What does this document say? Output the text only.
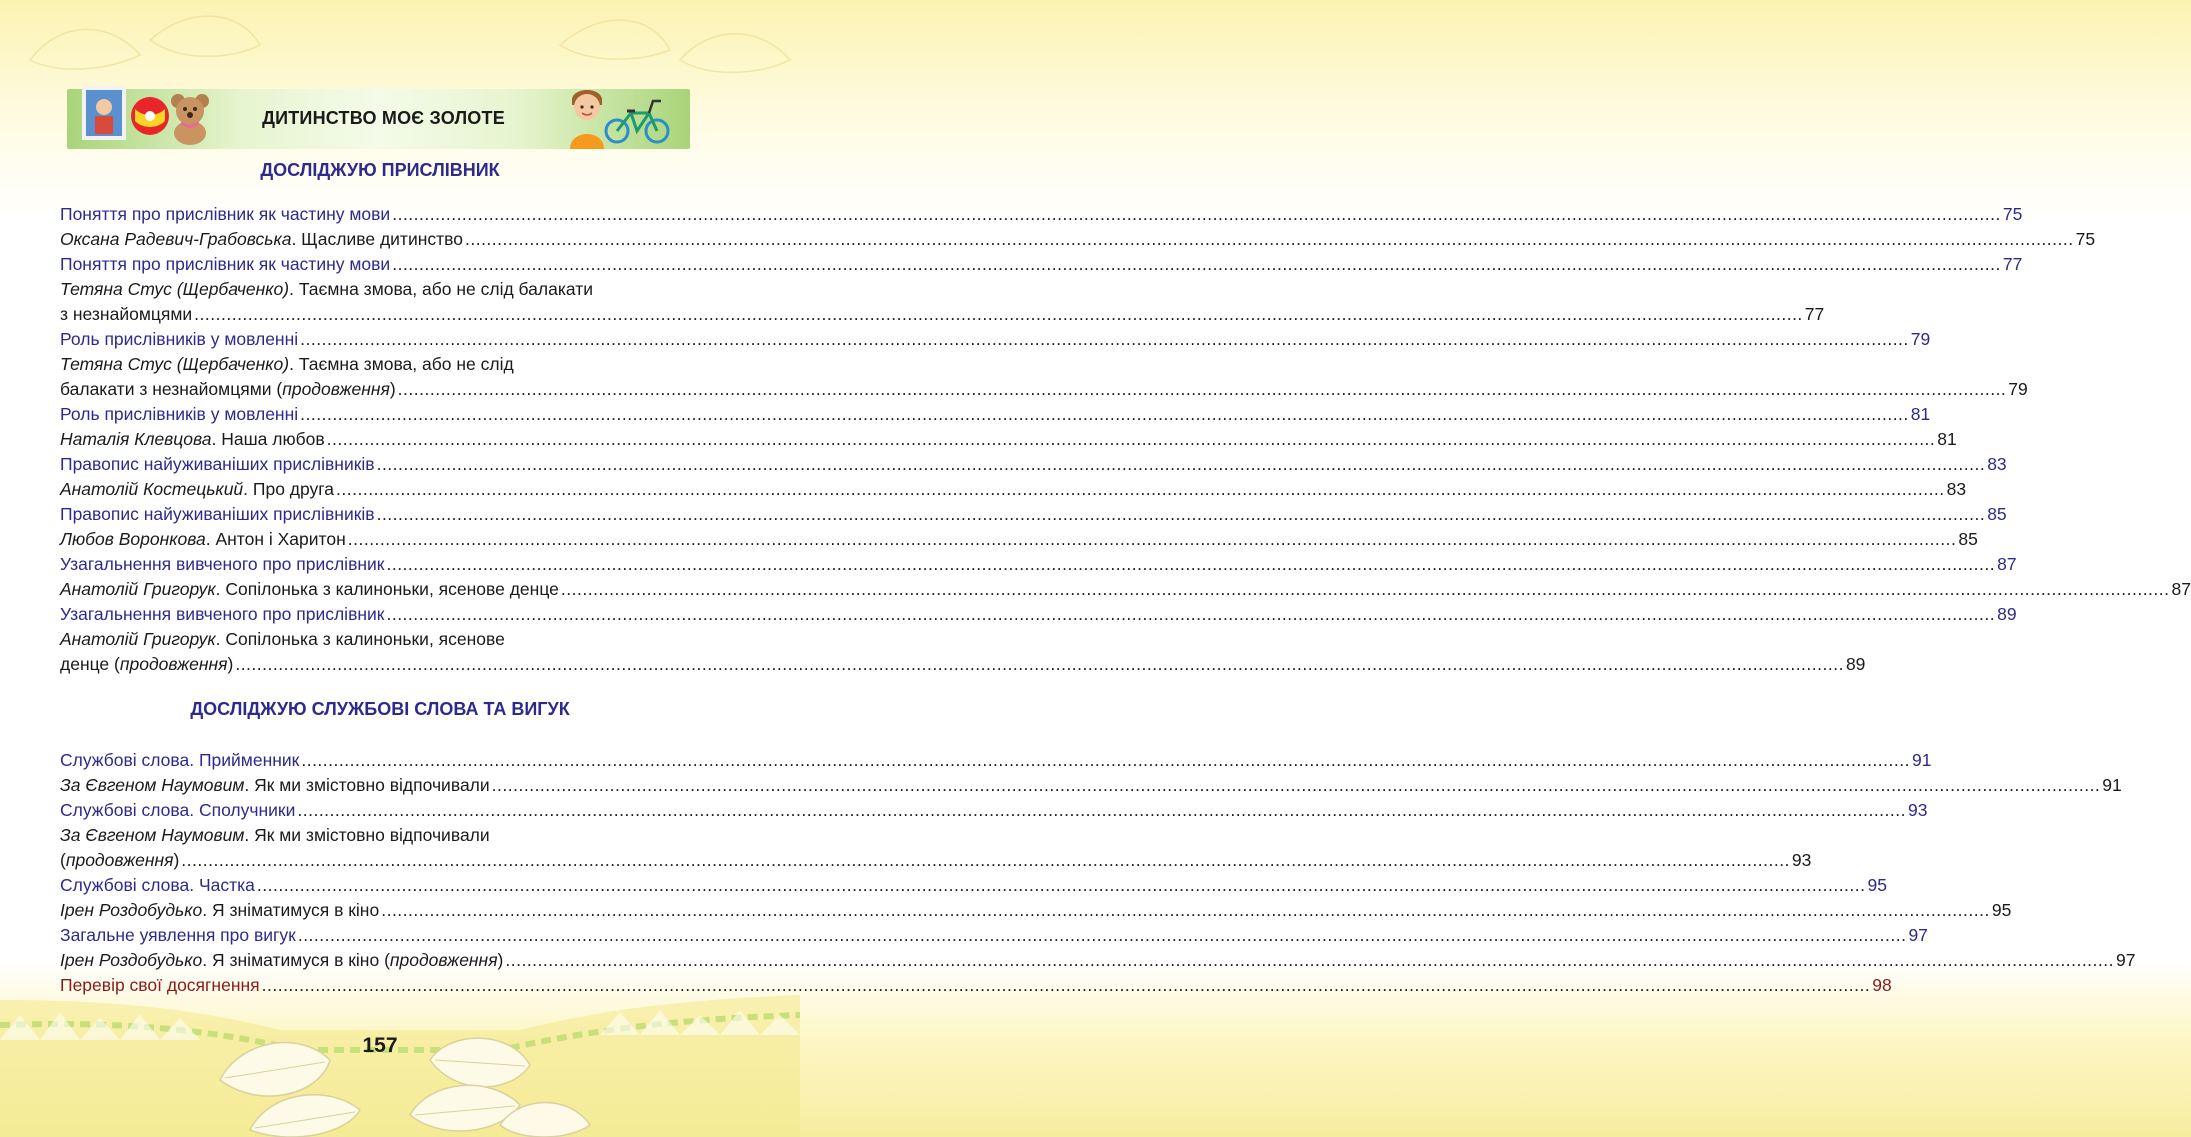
ДИТИНСТВО МОЄ ЗОЛОТЕ
ДОСЛІДЖУЮ ПРИСЛІВНИК
Поняття про прислівник як частину мови ............................................................................................................................................................................................................................................................................................................ 75
Оксана Радевич-Грабовська. Щасливе дитинство ............................................................................................................................................................................................................................................................................................................ 75
Поняття про прислівник як частину мови ............................................................................................................................................................................................................................................................................................................ 77
Тетяна Стус (Щербаченко). Таємна змова, або не слід балакати
з незнайомцями ............................................................................................................................................................................................................................................................................................................ 77
Роль прислівників у мовленні ............................................................................................................................................................................................................................................................................................................ 79
Тетяна Стус (Щербаченко). Таємна змова, або не слід
балакати з незнайомцями (продовження) ............................................................................................................................................................................................................................................................................................................ 79
Роль прислівників у мовленні ............................................................................................................................................................................................................................................................................................................ 81
Наталія Клевцова. Наша любов ............................................................................................................................................................................................................................................................................................................ 81
Правопис найуживаніших прислівників ............................................................................................................................................................................................................................................................................................................ 83
Анатолій Костецький. Про друга ............................................................................................................................................................................................................................................................................................................ 83
Правопис найуживаніших прислівників ............................................................................................................................................................................................................................................................................................................ 85
Любов Воронкова. Антон і Харитон ............................................................................................................................................................................................................................................................................................................ 85
Узагальнення вивченого про прислівник ............................................................................................................................................................................................................................................................................................................ 87
Анатолій Григорук. Сопілонька з калиноньки, ясенове денце ............................................................................................................................................................................................................................................................................................................ 87
Узагальнення вивченого про прислівник ............................................................................................................................................................................................................................................................................................................ 89
Анатолій Григорук. Сопілонька з калиноньки, ясенове
денце (продовження) ............................................................................................................................................................................................................................................................................................................ 89
ДОСЛІДЖУЮ СЛУЖБОВІ СЛОВА ТА ВИГУК
Службові слова. Прийменник ............................................................................................................................................................................................................................................................................................................ 91
За Євгеном Наумовим. Як ми змістовно відпочивали ............................................................................................................................................................................................................................................................................................................ 91
Службові слова. Сполучники ............................................................................................................................................................................................................................................................................................................ 93
За Євгеном Наумовим. Як ми змістовно відпочивали
(продовження) ............................................................................................................................................................................................................................................................................................................ 93
Службові слова. Частка ............................................................................................................................................................................................................................................................................................................ 95
Ірен Роздобудько. Я зніматимуся в кіно ............................................................................................................................................................................................................................................................................................................ 95
Загальне уявлення про вигук ............................................................................................................................................................................................................................................................................................................ 97
Ірен Роздобудько. Я зніматимуся в кіно (продовження) ............................................................................................................................................................................................................................................................................................................ 97
Перевір свої досягнення ............................................................................................................................................................................................................................................................................................................ 98
157
